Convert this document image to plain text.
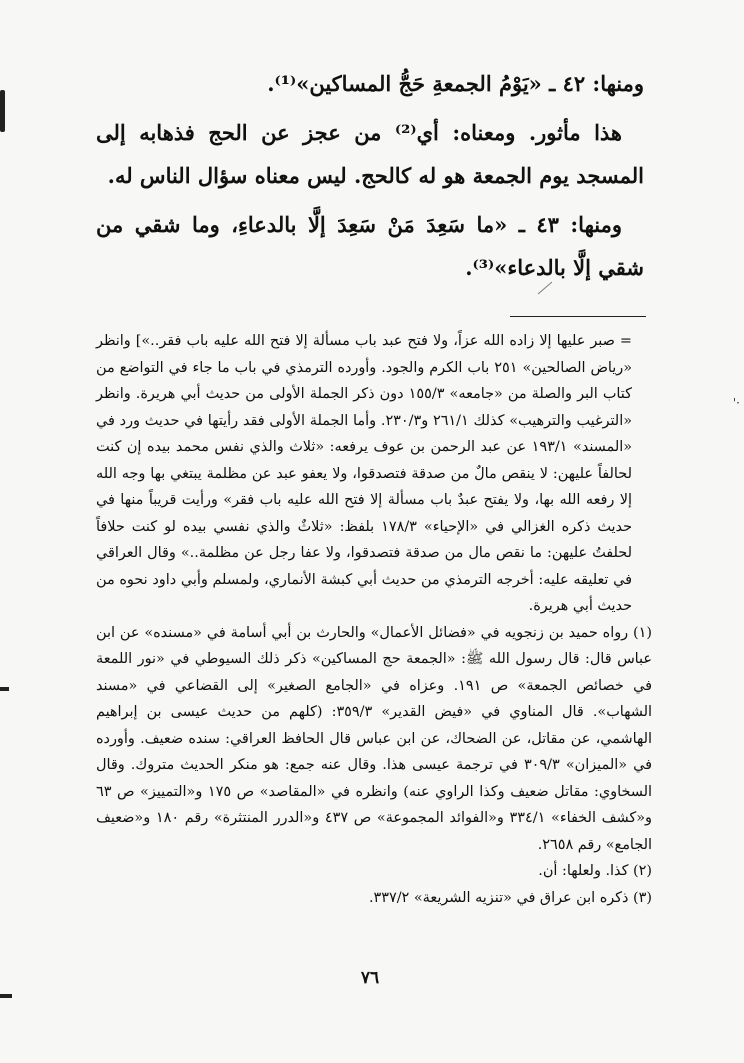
'·

ومنها: ٤٢ ـ «يَوْمُ الجمعةِ حَجُّ المساكين»⁽¹⁾.

هذا مأثور. ومعناه: أي⁽²⁾ من عجز عن الحج فذهابه إلى المسجد يوم الجمعة هو له كالحج. ليس معناه سؤال الناس له.

ومنها: ٤٣ ـ «ما سَعِدَ مَنْ سَعِدَ إلَّا بالدعاءِ، وما شقي من شقي إلَّا بالدعاء»⁽³⁾.

= صبر عليها إلا زاده الله عزاً، ولا فتح عبد باب مسألة إلا فتح الله عليه باب فقر..»] وانظر «رياض الصالحين» ٢٥١ باب الكرم والجود. وأورده الترمذي في باب ما جاء في التواضع من كتاب البر والصلة من «جامعه» ١٥٥/٣ دون ذكر الجملة الأولى من حديث أبي هريرة. وانظر «الترغيب والترهيب» كذلك ٢٦١/١ و٢٣٠/٣. وأما الجملة الأولى فقد رأيتها في حديث ورد في «المسند» ١٩٣/١ عن عبد الرحمن بن عوف يرفعه: «ثلاث والذي نفس محمد بيده إن كنت لحالفاً عليهن: لا ينقص مالٌ من صدقة فتصدقوا، ولا يعفو عبد عن مظلمة يبتغي بها وجه الله إلا رفعه الله بها، ولا يفتح عبدٌ باب مسألة إلا فتح الله عليه باب فقر» ورأيت قريباً منها في حديث ذكره الغزالي في «الإحياء» ١٧٨/٣ بلفظ: «ثلاثٌ والذي نفسي بيده لو كنت حلافاً لحلفتُ عليهن: ما نقص مال من صدقة فتصدقوا، ولا عفا رجل عن مظلمة..» وقال العراقي في تعليقه عليه: أخرجه الترمذي من حديث أبي كبشة الأنماري، ولمسلم وأبي داود نحوه من حديث أبي هريرة.

(١) رواه حميد بن زنجويه في «فضائل الأعمال» والحارث بن أبي أسامة في «مسنده» عن ابن عباس قال: قال رسول الله ﷺ: «الجمعة حج المساكين» ذكر ذلك السيوطي في «نور اللمعة في خصائص الجمعة» ص ١٩١. وعزاه في «الجامع الصغير» إلى القضاعي في «مسند الشهاب». قال المناوي في «فيض القدير» ٣٥٩/٣: (كلهم من حديث عيسى بن إبراهيم الهاشمي، عن مقاتل، عن الضحاك، عن ابن عباس قال الحافظ العراقي: سنده ضعيف. وأورده في «الميزان» ٣٠٩/٣ في ترجمة عيسى هذا. وقال عنه جمع: هو منكر الحديث متروك. وقال السخاوي: مقاتل ضعيف وكذا الراوي عنه) وانظره في «المقاصد» ص ١٧٥ و«التمييز» ص ٦٣ و«كشف الخفاء» ٣٣٤/١ و«الفوائد المجموعة» ص ٤٣٧ و«الدرر المنتثرة» رقم ١٨٠ و«ضعيف الجامع» رقم ٢٦٥٨.

(٢) كذا. ولعلها: أن.

(٣) ذكره ابن عراق في «تنزيه الشريعة» ٣٣٧/٢.

٧٦
